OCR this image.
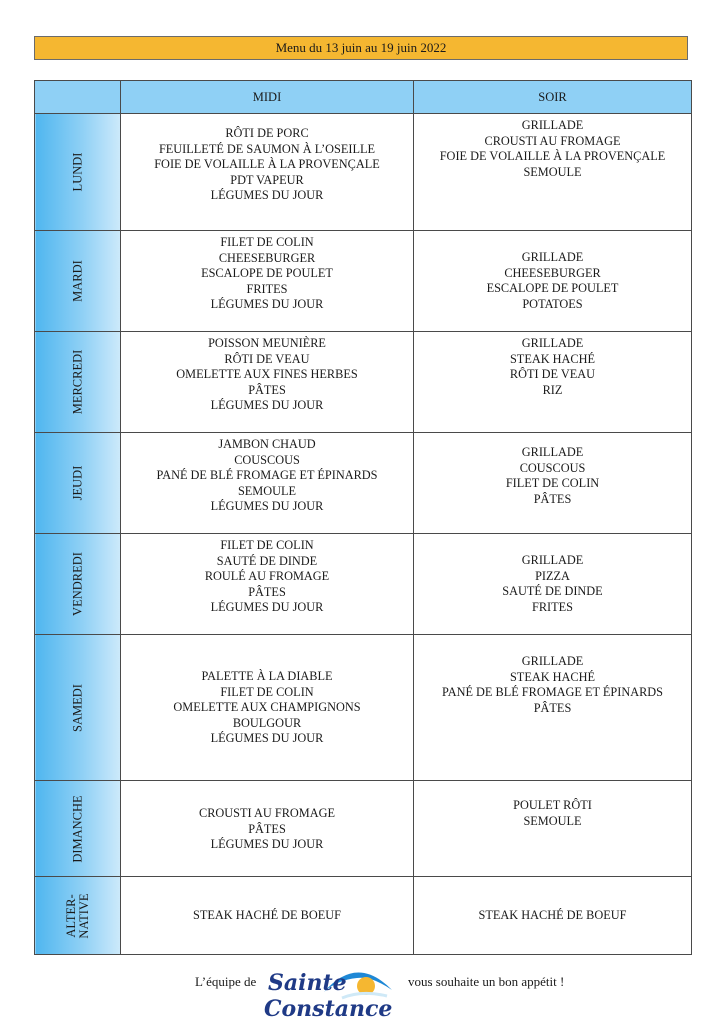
Menu du 13 juin au 19 juin 2022
	MIDI	SOIR

LUNDI	RÔTI DE PORC
FEUILLETÉ DE SAUMON À L’OSEILLE
FOIE DE VOLAILLE À LA PROVENÇALE
PDT VAPEUR
LÉGUMES DU JOUR	GRILLADE
CROUSTI AU FROMAGE
FOIE DE VOLAILLE À LA PROVENÇALE
SEMOULE

MARDI	FILET DE COLIN
CHEESEBURGER
ESCALOPE DE POULET
FRITES
LÉGUMES DU JOUR	GRILLADE
CHEESEBURGER
ESCALOPE DE POULET
POTATOES

MERCREDI	POISSON MEUNIÈRE
RÔTI DE VEAU
OMELETTE AUX FINES HERBES
PÂTES
LÉGUMES DU JOUR	GRILLADE
STEAK HACHÉ
RÔTI DE VEAU
RIZ

JEUDI	JAMBON CHAUD
COUSCOUS
PANÉ DE BLÉ FROMAGE ET ÉPINARDS
SEMOULE
LÉGUMES DU JOUR	GRILLADE
COUSCOUS
FILET DE COLIN
PÂTES

VENDREDI	FILET DE COLIN
SAUTÉ DE DINDE
ROULÉ AU FROMAGE
PÂTES
LÉGUMES DU JOUR	GRILLADE
PIZZA
SAUTÉ DE DINDE
FRITES

SAMEDI	PALETTE À LA DIABLE
FILET DE COLIN
OMELETTE AUX CHAMPIGNONS
BOULGOUR
LÉGUMES DU JOUR	GRILLADE
STEAK HACHÉ
PANÉ DE BLÉ FROMAGE ET ÉPINARDS
PÂTES

DIMANCHE	CROUSTI AU FROMAGE
PÂTES
LÉGUMES DU JOUR	POULET RÔTI
SEMOULE

ALTER-
NATIVE	STEAK HACHÉ DE BOEUF	STEAK HACHÉ DE BOEUF
L’équipe de Sainte
Constance
vous souhaite un bon appétit !
